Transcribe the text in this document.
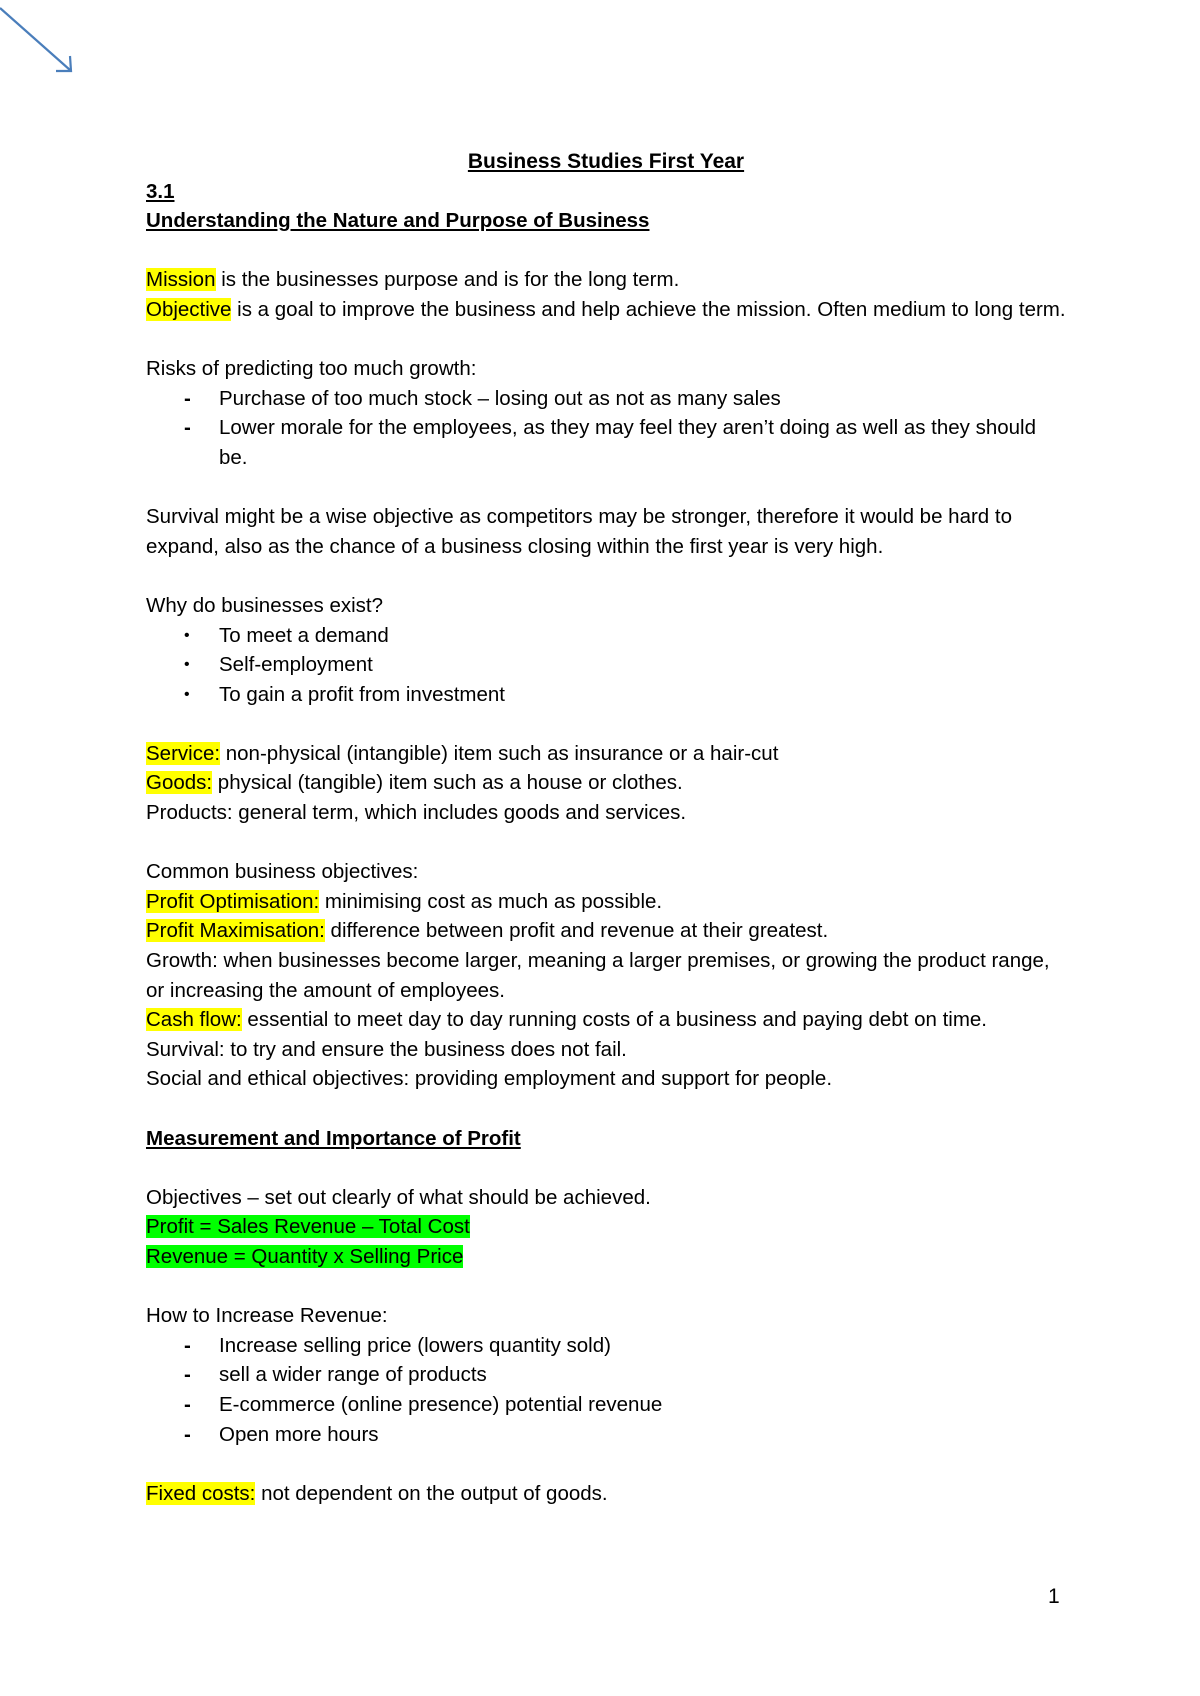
Business Studies First Year

3.1

Understanding the Nature and Purpose of Business

Mission is the businesses purpose and is for the long term.

Objective is a goal to improve the business and help achieve the mission. Often medium to long term.

Risks of predicting too much growth:

- Purchase of too much stock – losing out as not as many sales
- Lower morale for the employees, as they may feel they aren’t doing as well as they should be.

Survival might be a wise objective as competitors may be stronger, therefore it would be hard to expand, also as the chance of a business closing within the first year is very high.

Why do businesses exist?

• To meet a demand
• Self-employment
• To gain a profit from investment

Service: non-physical (intangible) item such as insurance or a hair-cut

Goods: physical (tangible) item such as a house or clothes.

Products: general term, which includes goods and services.

Common business objectives:

Profit Optimisation: minimising cost as much as possible.

Profit Maximisation: difference between profit and revenue at their greatest.

Growth: when businesses become larger, meaning a larger premises, or growing the product range, or increasing the amount of employees.

Cash flow: essential to meet day to day running costs of a business and paying debt on time.

Survival: to try and ensure the business does not fail.

Social and ethical objectives: providing employment and support for people.

Measurement and Importance of Profit

Objectives – set out clearly of what should be achieved.

Profit = Sales Revenue – Total Cost

Revenue = Quantity x Selling Price

How to Increase Revenue:

- Increase selling price (lowers quantity sold)
- sell a wider range of products
- E-commerce (online presence) potential revenue
- Open more hours

Fixed costs: not dependent on the output of goods.

1
